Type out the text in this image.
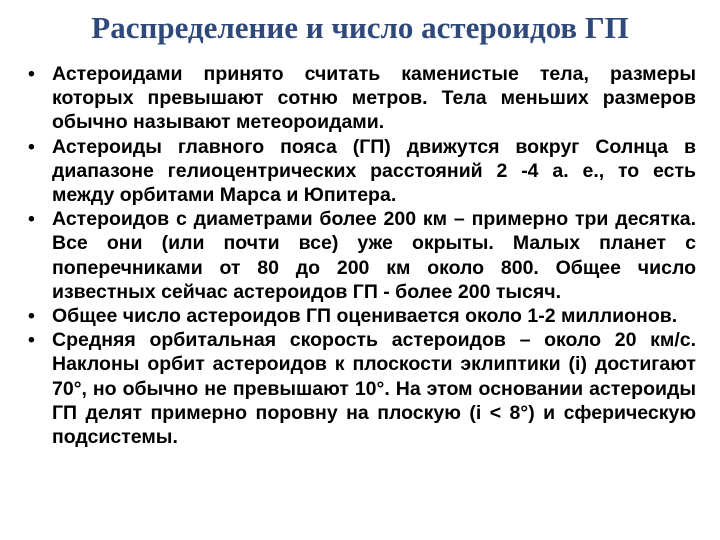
Распределение и число астероидов ГП
• Астероидами принято считать каменистые тела, размеры которых превышают сотню метров. Тела меньших размеров обычно называют метеороидами.
• Астероиды главного пояса (ГП) движутся вокруг Солнца в диапазоне гелиоцентрических расстояний 2 -4 а. е., то есть между орбитами Марса и Юпитера.
• Астероидов с диаметрами более 200 км – примерно три десятка. Все они (или почти все) уже окрыты. Малых планет с поперечниками от 80 до 200 км около 800. Общее число известных сейчас астероидов ГП - более 200 тысяч.
• Общее число астероидов ГП оценивается около 1-2 миллионов.
• Средняя орбитальная скорость астероидов – около 20 км/с. Наклоны орбит астероидов к плоскости эклиптики (i) достигают 70°, но обычно не превышают 10°. На этом основании астероиды ГП делят примерно поровну на плоскую (i < 8°) и сферическую подсистемы.
